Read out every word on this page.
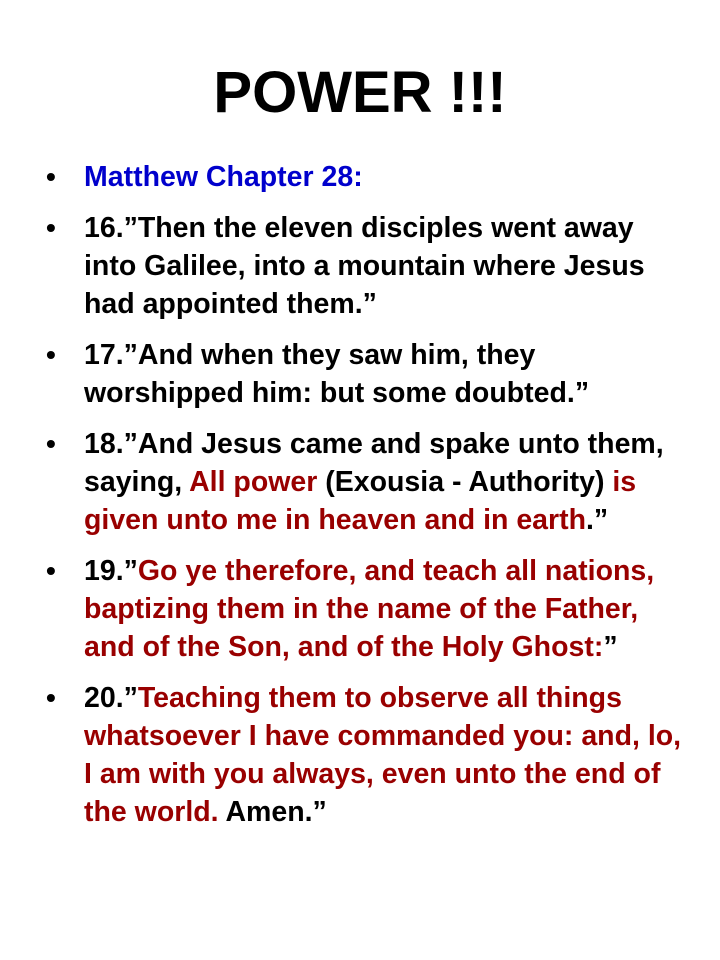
POWER !!!
• Matthew Chapter 28:
• 16.”Then the eleven disciples went away into Galilee, into a mountain where Jesus had appointed them.”
• 17.”And when they saw him, they worshipped him: but some doubted.”
• 18.”And Jesus came and spake unto them, saying, All power (Exousia - Authority) is given unto me in heaven and in earth.”
• 19.”Go ye therefore, and teach all nations, baptizing them in the name of the Father, and of the Son, and of the Holy Ghost:”
• 20.”Teaching them to observe all things whatsoever I have commanded you: and, lo, I am with you always, even unto the end of the world. Amen.”
